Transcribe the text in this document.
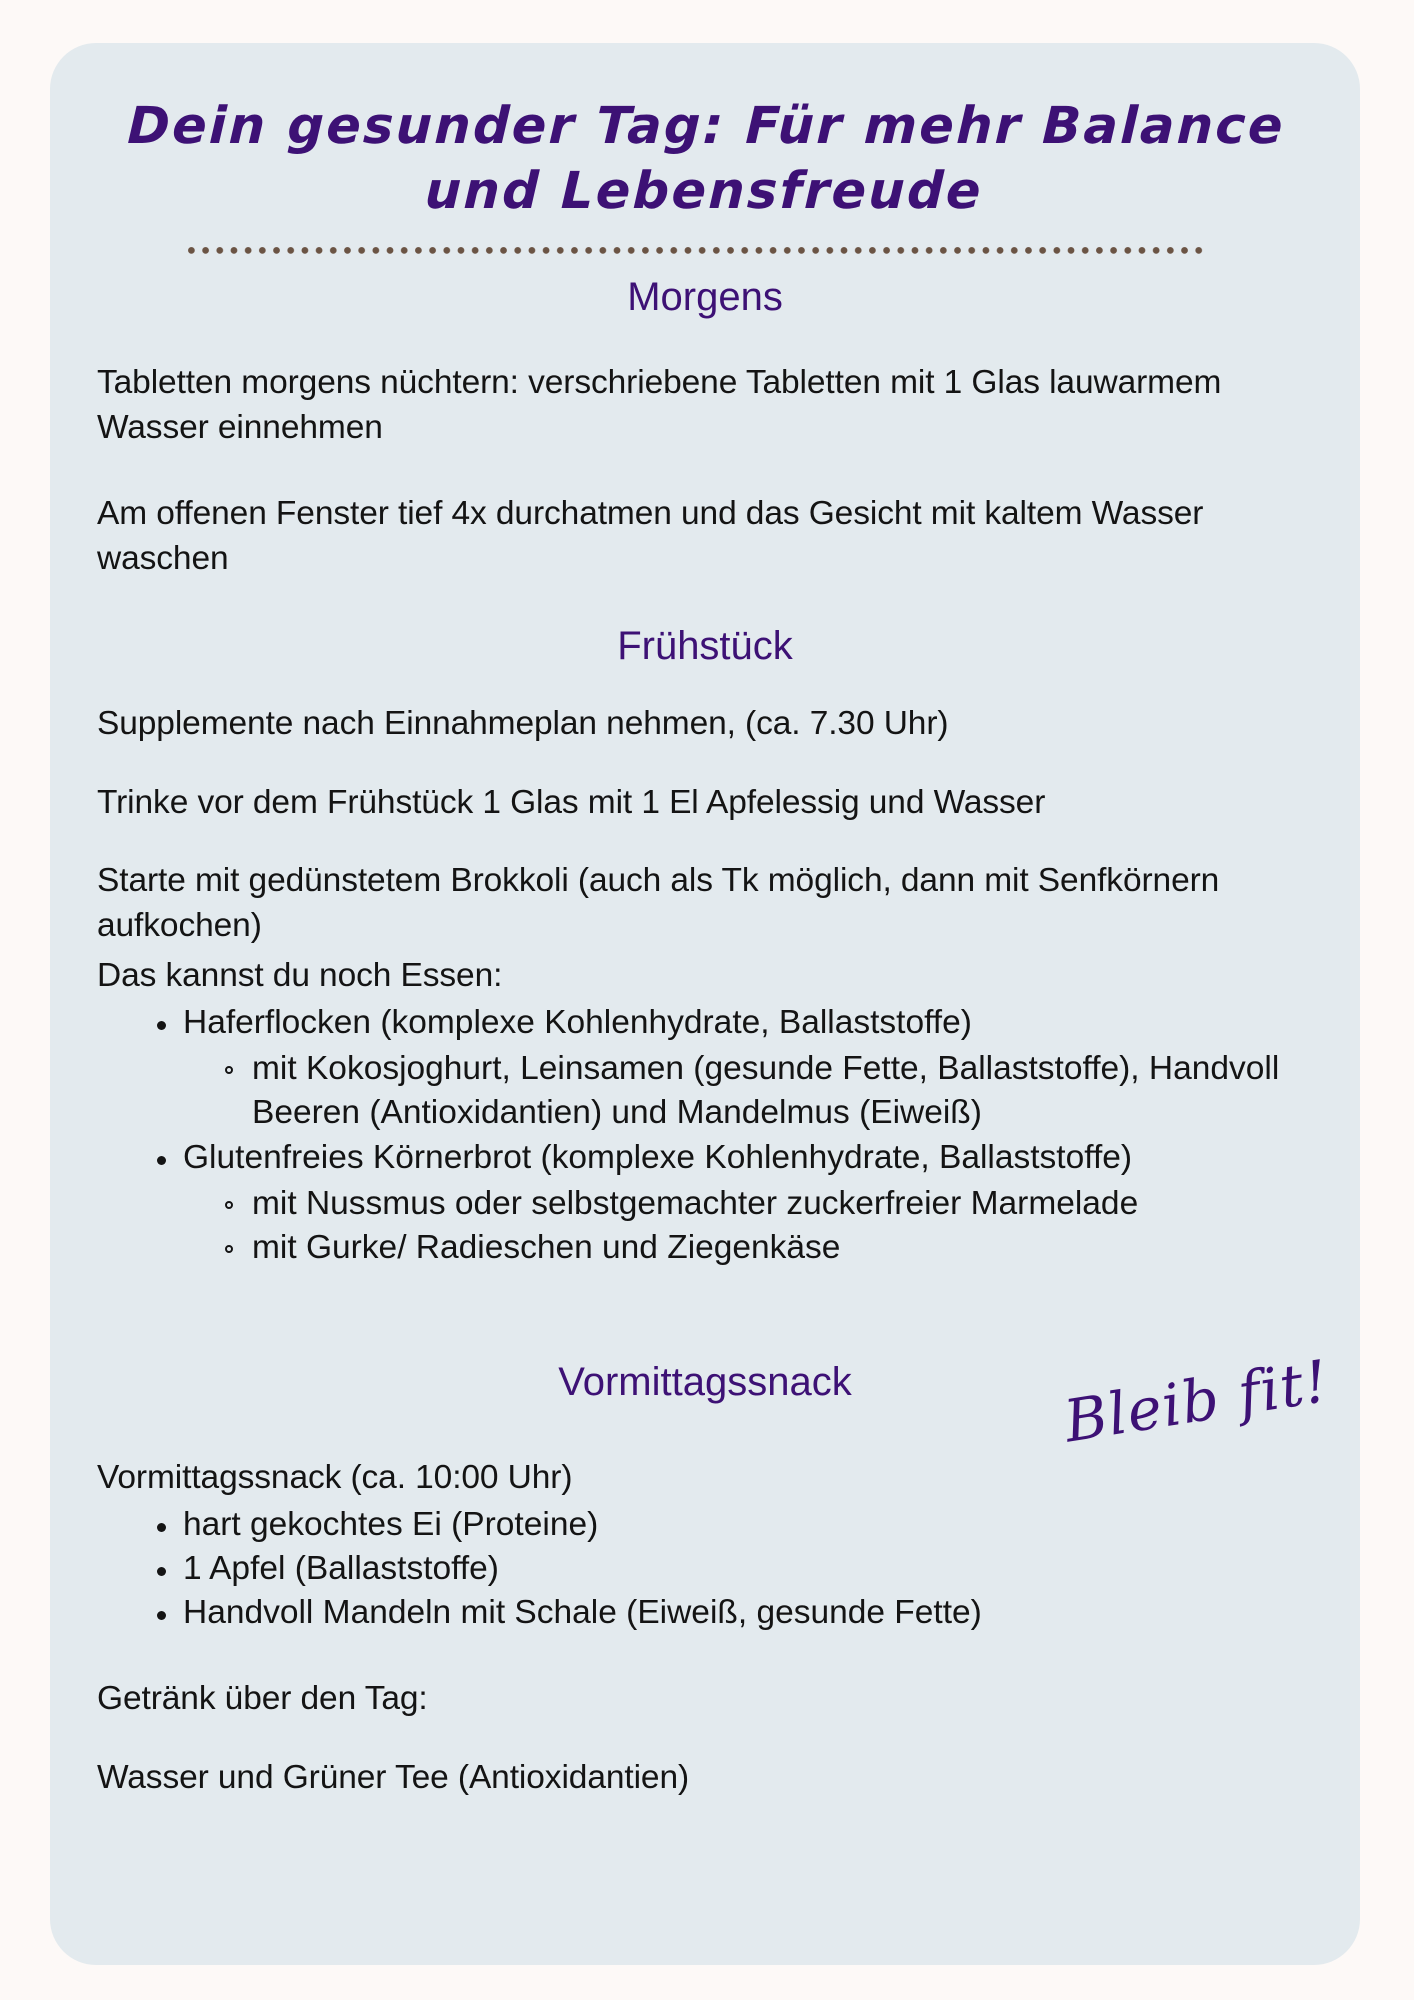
Dein gesunder Tag: Für mehr Balance
und Lebensfreude
Morgens

Tabletten morgens nüchtern: verschriebene Tabletten mit 1 Glas lauwarmem Wasser einnehmen

Am offenen Fenster tief 4x durchatmen und das Gesicht mit kaltem Wasser waschen

Frühstück

Supplemente nach Einnahmeplan nehmen, (ca. 7.30 Uhr)

Trinke vor dem Frühstück 1 Glas mit 1 El Apfelessig und Wasser

Starte mit gedünstetem Brokkoli (auch als Tk möglich, dann mit Senfkörnern aufkochen)

Das kannst du noch Essen:

Haferflocken (komplexe Kohlenhydrate, Ballaststoffe)
mit Kokosjoghurt, Leinsamen (gesunde Fette, Ballaststoffe), Handvoll Beeren (Antioxidantien) und Mandelmus (Eiweiß)
Glutenfreies Körnerbrot (komplexe Kohlenhydrate, Ballaststoffe)
mit Nussmus oder selbstgemachter zuckerfreier Marmelade
mit Gurke/ Radieschen und Ziegenkäse
Vormittagssnack

Vormittagssnack (ca. 10:00 Uhr)

hart gekochtes Ei (Proteine)
1 Apfel (Ballaststoffe)
Handvoll Mandeln mit Schale (Eiweiß, gesunde Fette)

Getränk über den Tag:

Wasser und Grüner Tee (Antioxidantien)

Bleib fit!
